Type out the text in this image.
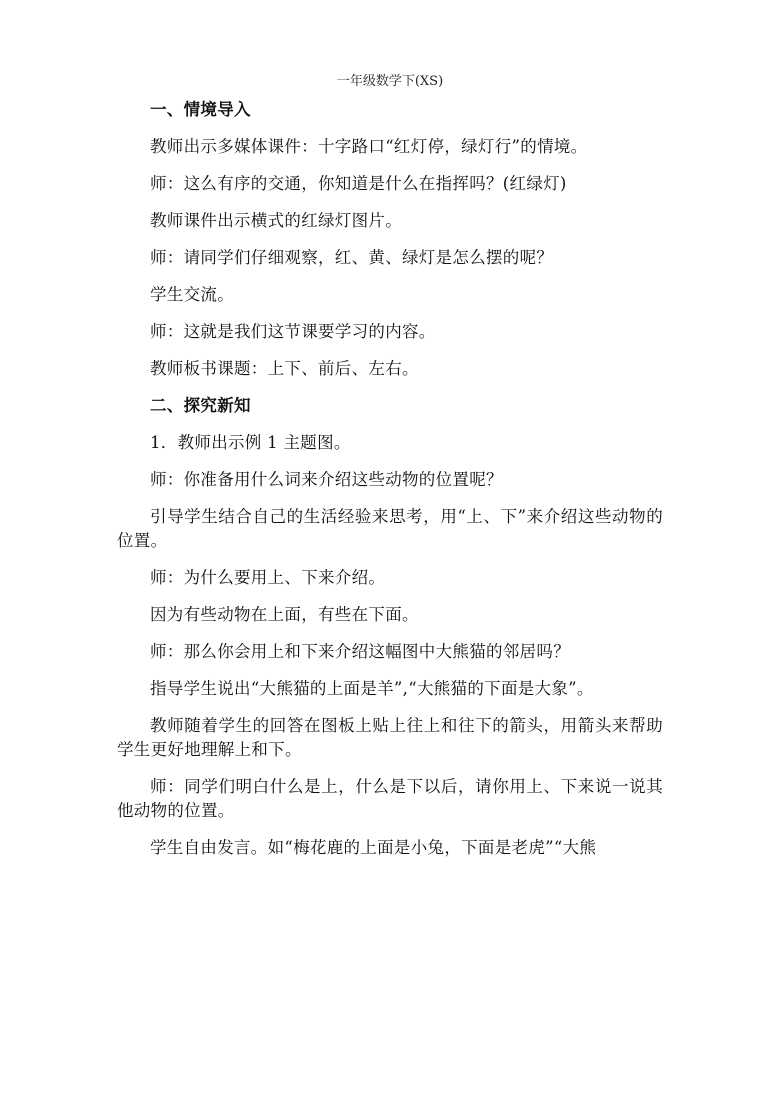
一年级数学下(XS)

一、情境导入

教师出示多媒体课件：十字路口“红灯停，绿灯行”的情境。

师：这么有序的交通，你知道是什么在指挥吗？(红绿灯)

教师课件出示横式的红绿灯图片。

师：请同学们仔细观察，红、黄、绿灯是怎么摆的呢？

学生交流。

师：这就是我们这节课要学习的内容。

教师板书课题：上下、前后、左右。

二、探究新知

1．教师出示例 1 主题图。

师：你准备用什么词来介绍这些动物的位置呢？

引导学生结合自己的生活经验来思考，用“上、下”来介绍这些动物的位置。

师：为什么要用上、下来介绍。

因为有些动物在上面，有些在下面。

师：那么你会用上和下来介绍这幅图中大熊猫的邻居吗？

指导学生说出“大熊猫的上面是羊”,“大熊猫的下面是大象”。

教师随着学生的回答在图板上贴上往上和往下的箭头，用箭头来帮助学生更好地理解上和下。

师：同学们明白什么是上，什么是下以后，请你用上、下来说一说其他动物的位置。

学生自由发言。如“梅花鹿的上面是小兔，下面是老虎”“大熊
